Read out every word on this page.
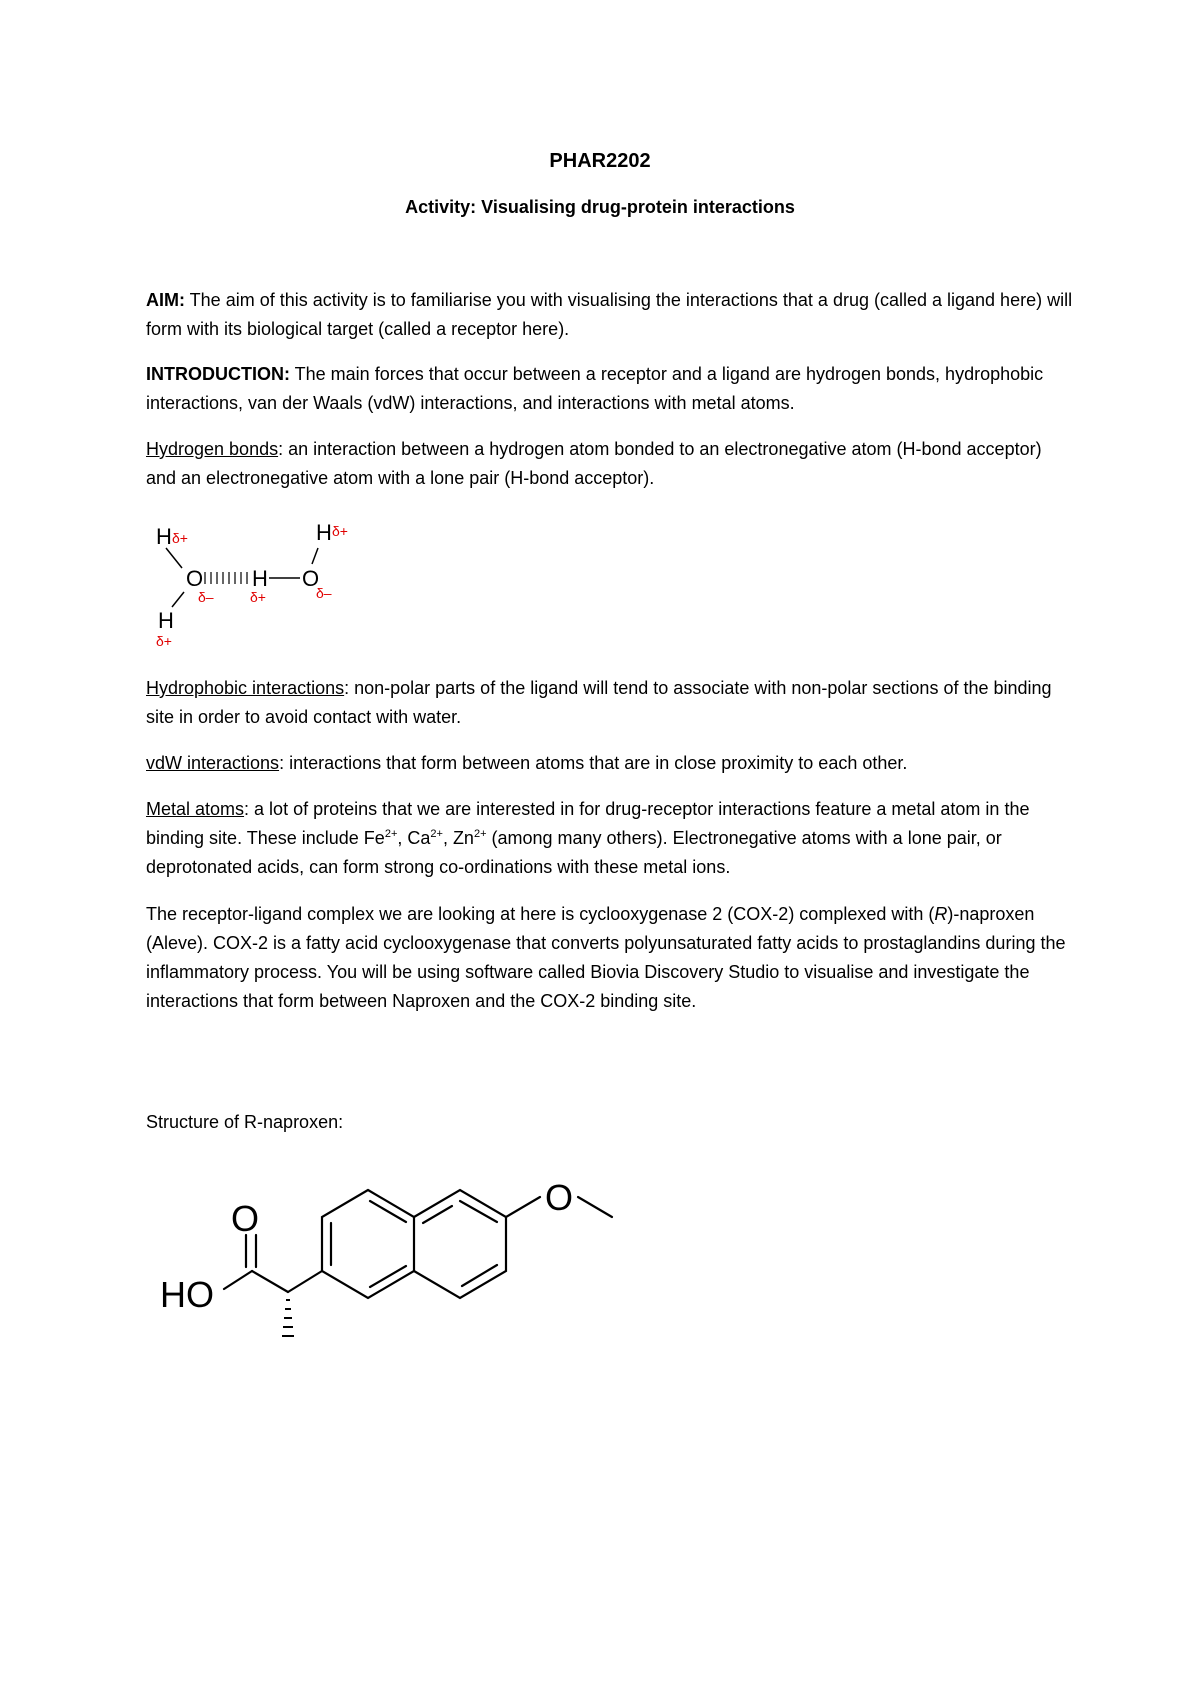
PHAR2202
Activity: Visualising drug-protein interactions

AIM: The aim of this activity is to familiarise you with visualising the interactions that a drug (called a ligand here) will form with its biological target (called a receptor here).

INTRODUCTION: The main forces that occur between a receptor and a ligand are hydrogen bonds, hydrophobic interactions, van der Waals (vdW) interactions, and interactions with metal atoms.

Hydrogen bonds: an interaction between a hydrogen atom bonded to an electronegative atom (H-bond acceptor) and an electronegative atom with a lone pair (H-bond acceptor).

H δ+
O
δ–
H
δ+
H
δ+
O
δ–
H δ+

Hydrophobic interactions: non-polar parts of the ligand will tend to associate with non-polar sections of the binding site in order to avoid contact with water.

vdW interactions: interactions that form between atoms that are in close proximity to each other.

Metal atoms: a lot of proteins that we are interested in for drug-receptor interactions feature a metal atom in the binding site. These include $Fe^{2+}$, $Ca^{2+}$, $Zn^{2+}$ (among many others). Electronegative atoms with a lone pair, or deprotonated acids, can form strong co-ordinations with these metal ions.

The receptor-ligand complex we are looking at here is cyclooxygenase 2 (COX-2) complexed with (R)-naproxen (Aleve). COX-2 is a fatty acid cyclooxygenase that converts polyunsaturated fatty acids to prostaglandins during the inflammatory process. You will be using software called Biovia Discovery Studio to visualise and investigate the interactions that form between Naproxen and the COX-2 binding site.

Structure of R-naproxen:

O
HO
O
